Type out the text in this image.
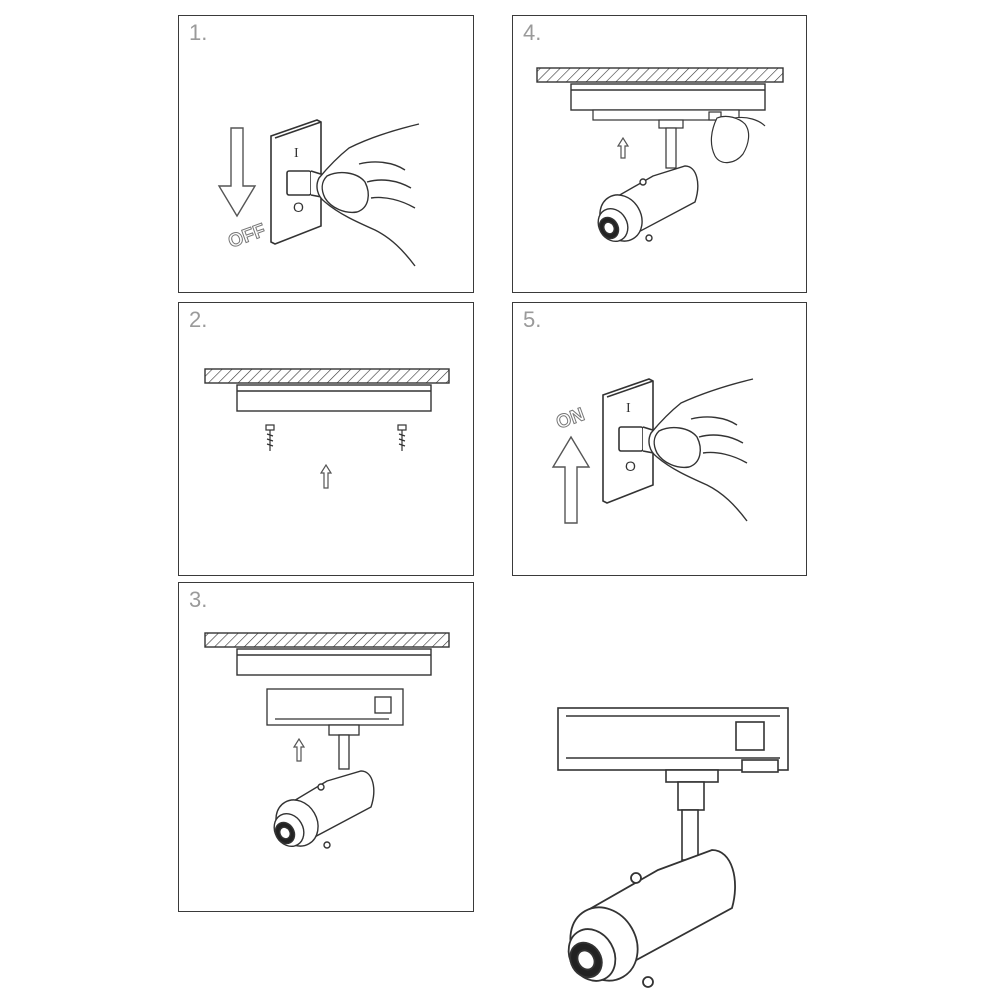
1.
OFF
I
O
2.
3.
4.
5.
ON	I
O
